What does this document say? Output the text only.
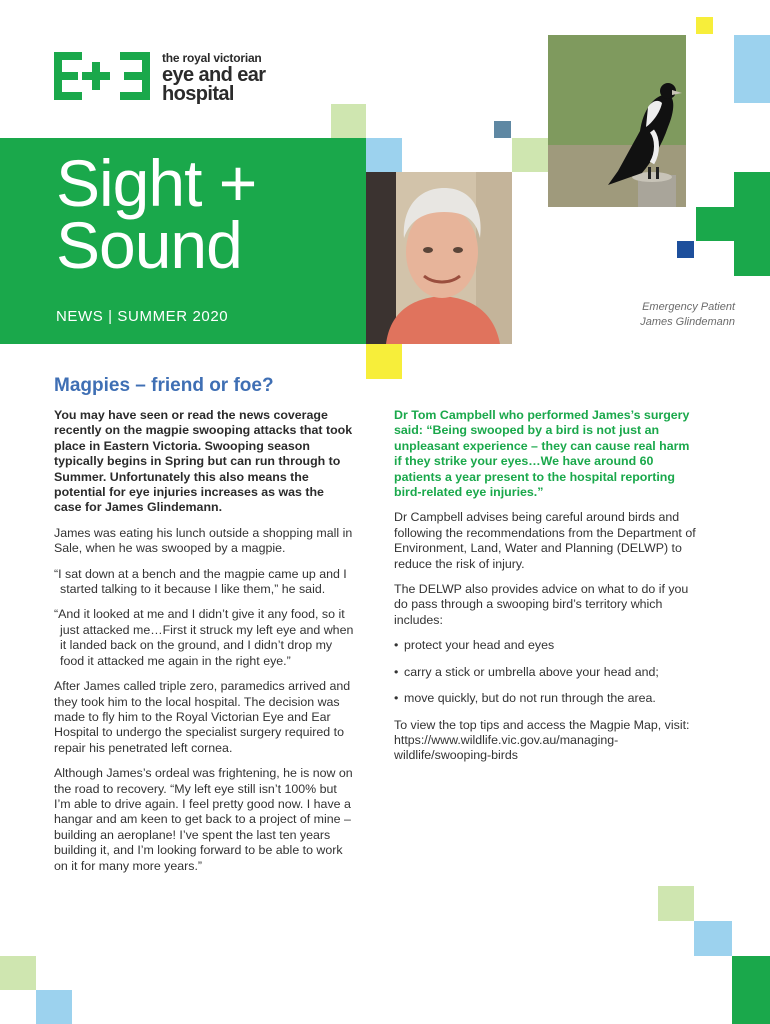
the royal victorian
eye and ear
hospital
Sight +
Sound
NEWS | SUMMER 2020
Emergency Patient
James Glindemann
Magpies – friend or foe?

You may have seen or read the news coverage recently on the magpie swooping attacks that took place in Eastern Victoria. Swooping season typically begins in Spring but can run through to Summer. Unfortunately this also means the potential for eye injuries increases as was the case for James Glindemann.

James was eating his lunch outside a shopping mall in Sale, when he was swooped by a magpie.

“I sat down at a bench and the magpie came up and I started talking to it because I like them,” he said.

“And it looked at me and I didn’t give it any food, so it just attacked me…First it struck my left eye and when it landed back on the ground, and I didn’t drop my food it attacked me again in the right eye.”

After James called triple zero, paramedics arrived and they took him to the local hospital. The decision was made to fly him to the Royal Victorian Eye and Ear Hospital to undergo the specialist surgery required to repair his penetrated left cornea.

Although James’s ordeal was frightening, he is now on the road to recovery. “My left eye still isn’t 100% but I’m able to drive again. I feel pretty good now. I have a hangar and am keen to get back to a project of mine – building an aeroplane! I’ve spent the last ten years building it, and I’m looking forward to be able to work on it for many more years.”

Dr Tom Campbell who performed James’s surgery said: “Being swooped by a bird is not just an unpleasant experience – they can cause real harm if they strike your eyes…We have around 60 patients a year present to the hospital reporting bird-related eye injuries.”

Dr Campbell advises being careful around birds and following the recommendations from the Department of Environment, Land, Water and Planning (DELWP) to reduce the risk of injury.

The DELWP also provides advice on what to do if you do pass through a swooping bird’s territory which includes:

• protect your head and eyes
• carry a stick or umbrella above your head and;
• move quickly, but do not run through the area.

To view the top tips and access the Magpie Map, visit: https://www.wildlife.vic.gov.au/managing-wildlife/swooping-birds
